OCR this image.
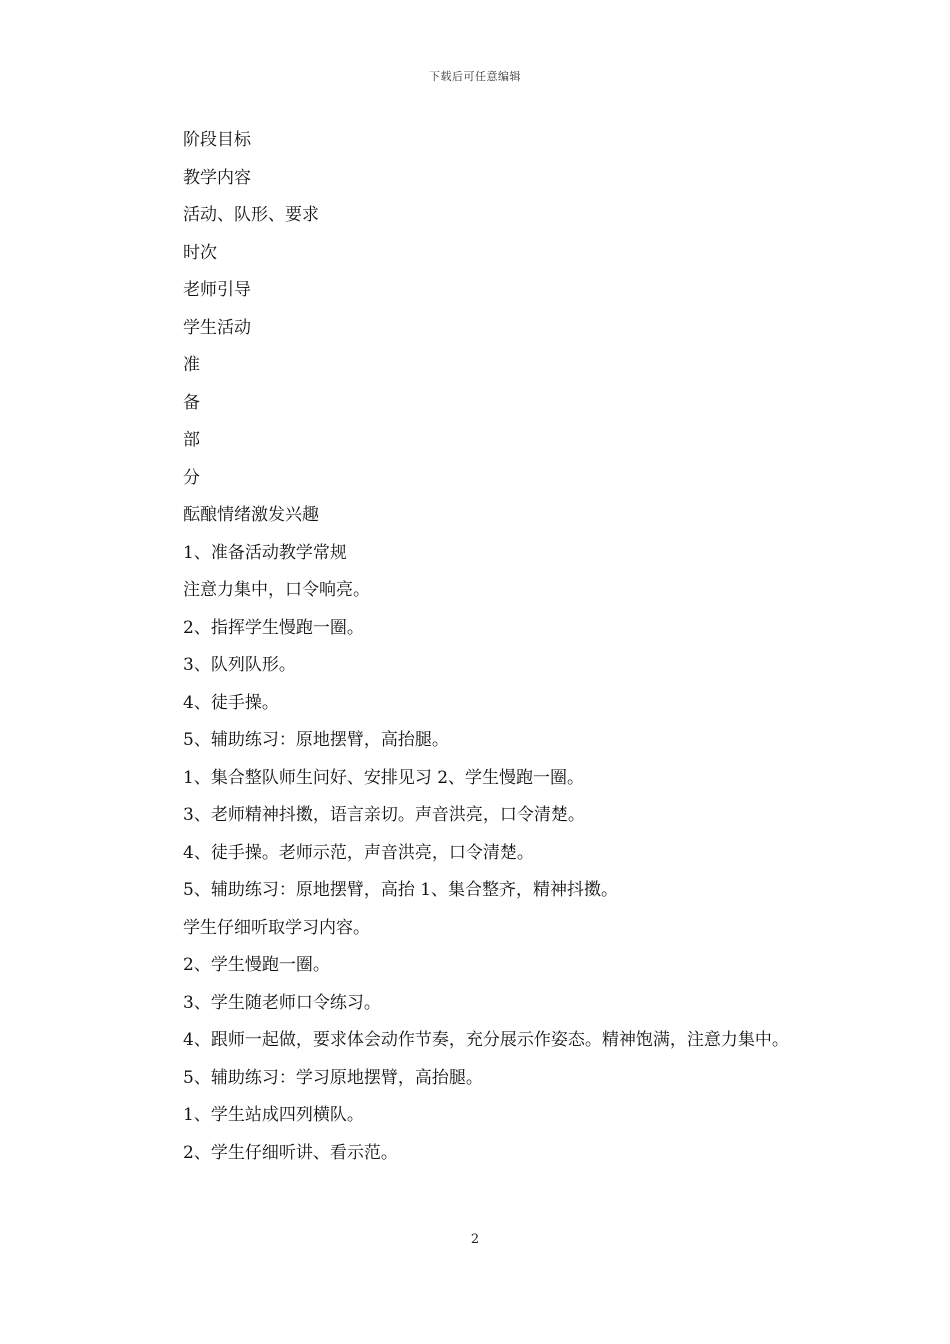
下载后可任意编辑

阶段目标

教学内容

活动、队形、要求

时次

老师引导

学生活动

准

备

部

分

酝酿情绪激发兴趣

1、准备活动教学常规

注意力集中，口令响亮。

2、指挥学生慢跑一圈。

3、队列队形。

4、徒手操。

5、辅助练习：原地摆臂，高抬腿。

1、集合整队师生问好、安排见习 2、学生慢跑一圈。

3、老师精神抖擞，语言亲切。声音洪亮，口令清楚。

4、徒手操。老师示范，声音洪亮，口令清楚。

5、辅助练习：原地摆臂，高抬 1、集合整齐，精神抖擞。

学生仔细听取学习内容。

2、学生慢跑一圈。

3、学生随老师口令练习。

4、跟师一起做，要求体会动作节奏，充分展示作姿态。精神饱满，注意力集中。

5、辅助练习：学习原地摆臂，高抬腿。

1、学生站成四列横队。

2、学生仔细听讲、看示范。

2
